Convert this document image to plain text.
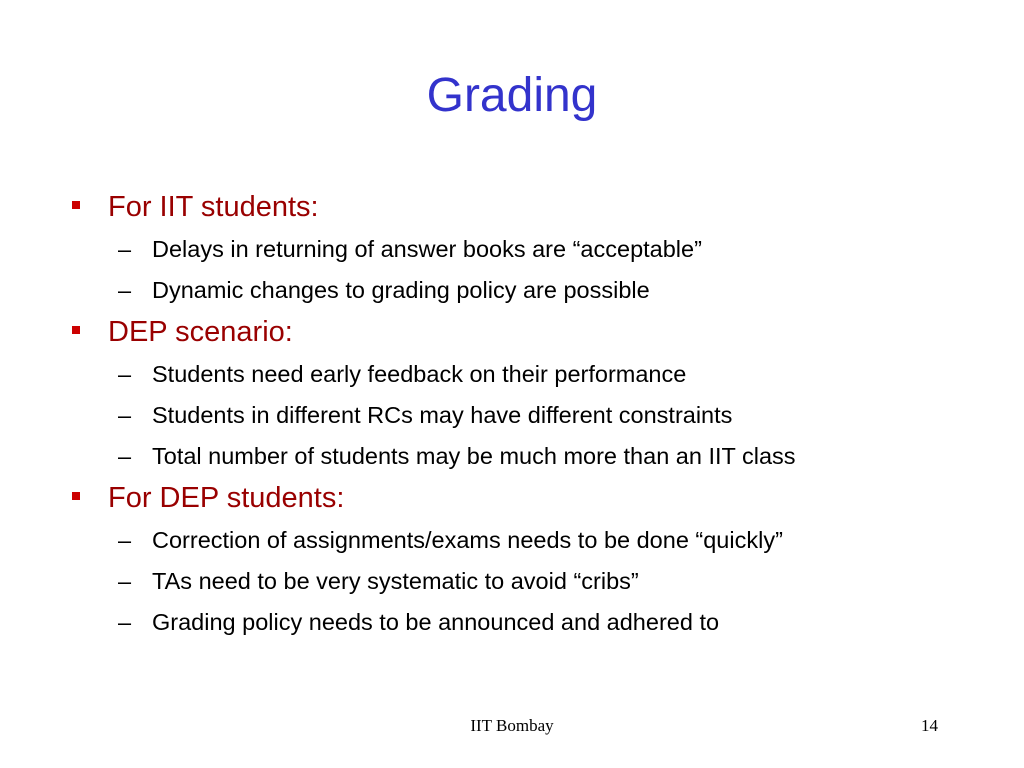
Grading
For IIT students:
– Delays in returning of answer books are “acceptable”
– Dynamic changes to grading policy are possible
DEP scenario:
– Students need early feedback on their performance
– Students in different RCs may have different constraints
– Total number of students may be much more than an IIT class
For DEP students:
– Correction of assignments/exams needs to be done “quickly”
– TAs need to be very systematic to avoid “cribs”
– Grading policy needs to be announced and adhered to
IIT Bombay	14
